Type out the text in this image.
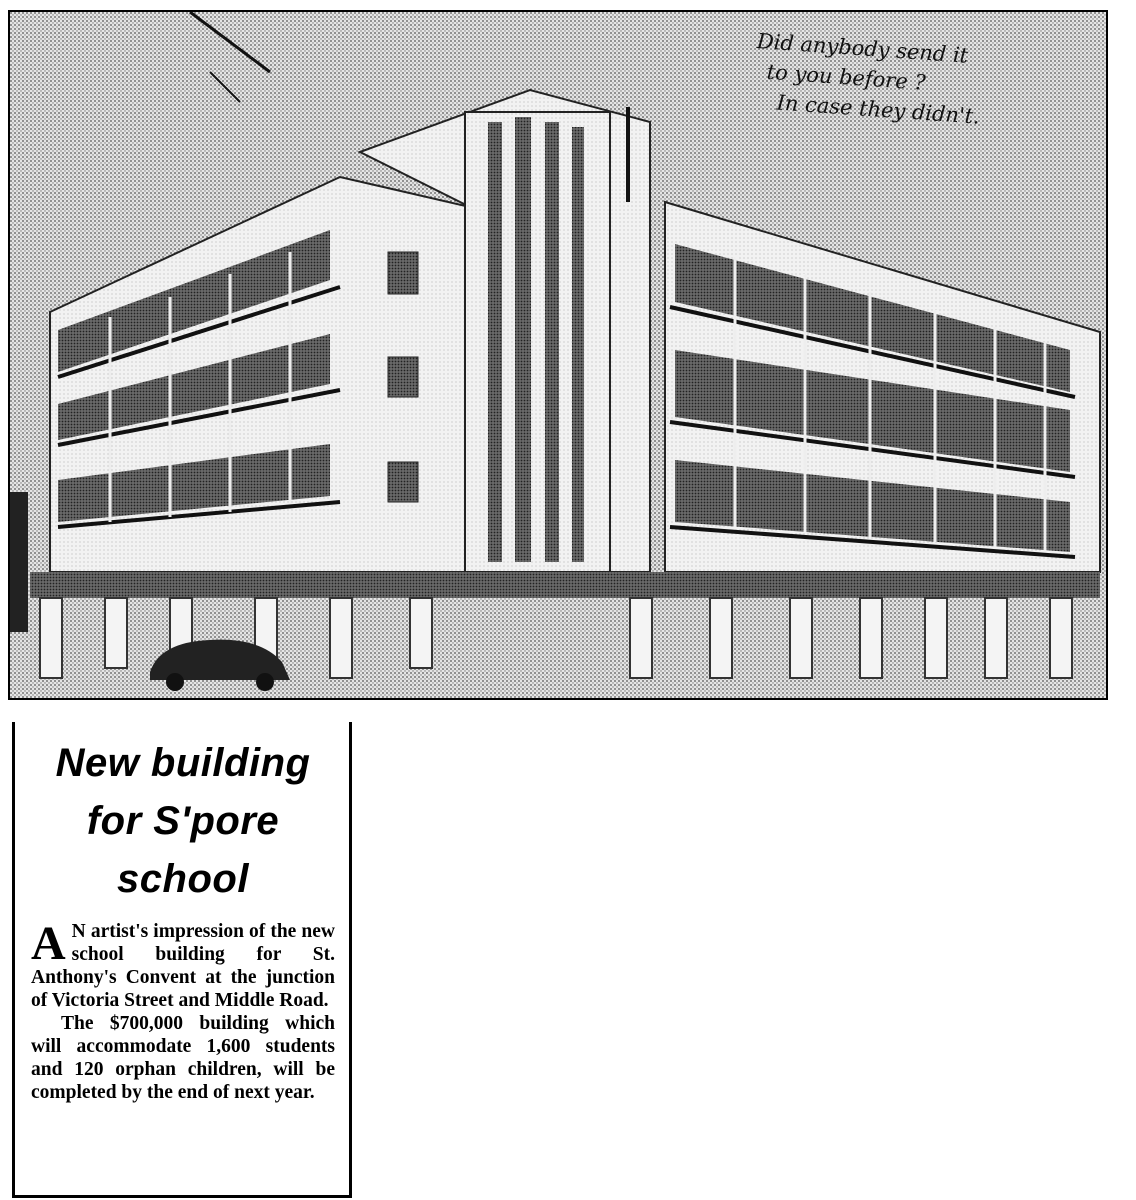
Did anybody send it
to you before ?
In case they didn't.
New building
for S'pore
school

A N artist's impression of the new school building for St. Anthony's Convent at the junction of Victoria Street and Middle Road.

The $700,000 building which will accommodate 1,600 students and 120 orphan children, will be completed by the end of next year.
